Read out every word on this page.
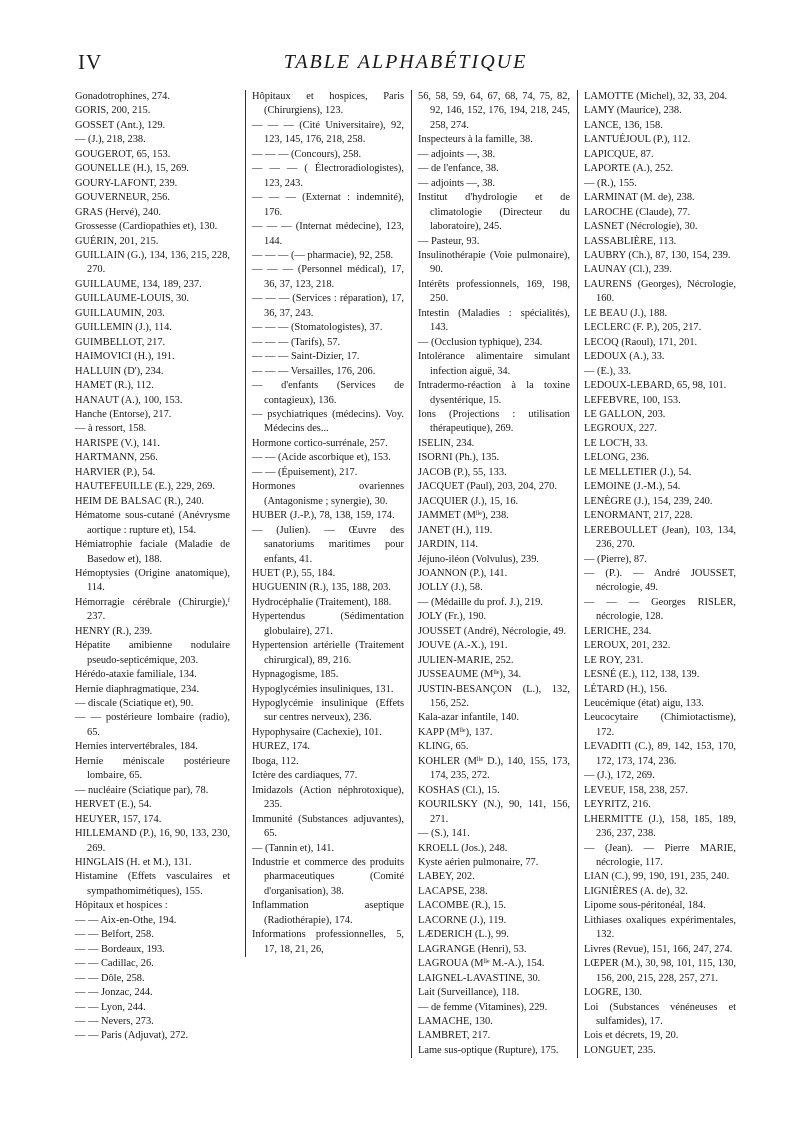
IV	TABLE ALPHABÉTIQUE
Gonadotrophines, 274.
GORIS, 200, 215.
GOSSET (Ant.), 129.
— (J.), 218, 238.
GOUGEROT, 65, 153.
GOUNELLE (H.), 15, 269.
GOURY-LAFONT, 239.
GOUVERNEUR, 256.
GRAS (Hervé), 240.
Grossesse (Cardiopathies et), 130.
GUÉRIN, 201, 215.
GUILLAIN (G.), 134, 136, 215, 228, 270.
GUILLAUME, 134, 189, 237.
GUILLAUME-LOUIS, 30.
GUILLAUMIN, 203.
GUILLEMIN (J.), 114.
GUIMBELLOT, 217.
HAIMOVICI (H.), 191.
HALLUIN (D'), 234.
HAMET (R.), 112.
HANAUT (A.), 100, 153.
Hanche (Entorse), 217.
— à ressort, 158.
HARISPE (V.), 141.
HARTMANN, 256.
HARVIER (P.), 54.
HAUTEFEUILLE (E.), 229, 269.
HEIM DE BALSAC (R.), 240.
Hématome sous-cutané (Anévrysme aortique : rupture et), 154.
Hémiatrophie faciale (Maladie de Basedow et), 188.
Hémoptysies (Origine anatomique), 114.
Hémorragie cérébrale (Chirurgie),ᶠ 237.
HENRY (R.), 239.
Hépatite amibienne nodulaire pseudo-septicémique, 203.
Hérédo-ataxie familiale, 134.
Hernie diaphragmatique, 234.
— discale (Sciatique et), 90.
— — postérieure lombaire (radio), 65.
Hernies intervertébrales, 184.
Hernie méniscale postérieure lombaire, 65.
— nucléaire (Sciatique par), 78.
HERVET (E.), 54.
HEUYER, 157, 174.
HILLEMAND (P.), 16, 90, 133, 230, 269.
HINGLAIS (H. et M.), 131.
Histamine (Effets vasculaires et sympathomimétiques), 155.
Hôpitaux et hospices :
— — Aix-en-Othe, 194.
— — Belfort, 258.
— — Bordeaux, 193.
— — Cadillac, 26.
— — Dôle, 258.
— — Jonzac, 244.
— — Lyon, 244.
— — Nevers, 273.
— — Paris (Adjuvat), 272.
Hôpitaux et hospices, Paris (Chirurgiens), 123.
— — — (Cité Universitaire), 92, 123, 145, 176, 218, 258.
— — — (Concours), 258.
— — — ( Électroradiologistes), 123, 243.
— — — (Externat : indemnité), 176.
— — — (Internat médecine), 123, 144.
— — — (— pharmacie), 92, 258.
— — — (Personnel médical), 17, 36, 37, 123, 218.
— — — (Services : réparation), 17, 36, 37, 243.
— — — (Stomatologistes), 37.
— — — (Tarifs), 57.
— — — Saint-Dizier, 17.
— — — Versailles, 176, 206.
— d'enfants (Services de contagieux), 136.
— psychiatriques (médecins). Voy. Médecins des...
Hormone cortico-surrénale, 257.
— — (Acide ascorbique et), 153.
— — (Épuisement), 217.
Hormones ovariennes (Antagonisme ; synergie), 30.
HUBER (J.-P.), 78, 138, 159, 174.
— (Julien). — Œuvre des sanatoriums maritimes pour enfants, 41.
HUET (P.), 55, 184.
HUGUENIN (R.), 135, 188, 203.
Hydrocéphalie (Traitement), 188.
Hypertendus (Sédimentation globulaire), 271.
Hypertension artérielle (Traitement chirurgical), 89, 216.
Hypnagogisme, 185.
Hypoglycémies insuliniques, 131.
Hypoglycémie insulinique (Effets sur centres nerveux), 236.
Hypophysaire (Cachexie), 101.
HUREZ, 174.
Iboga, 112.
Ictère des cardiaques, 77.
Imidazols (Action néphrotoxique), 235.
Immunité (Substances adjuvantes), 65.
— (Tannin et), 141.
Industrie et commerce des produits pharmaceutiques (Comité d'organisation), 38.
Inflammation aseptique (Radiothérapie), 174.
Informations professionnelles, 5, 17, 18, 21, 26,
56, 58, 59, 64, 67, 68, 74, 75, 82, 92, 146, 152, 176, 194, 218, 245, 258, 274.
Inspecteurs à la famille, 38.
— adjoints —, 38.
— de l'enfance, 38.
— adjoints —, 38.
Institut d'hydrologie et de climatologie (Directeur du laboratoire), 245.
— Pasteur, 93.
Insulinothérapie (Voie pulmonaire), 90.
Intérêts professionnels, 169, 198, 250.
Intestin (Maladies : spécialités), 143.
— (Occlusion typhique), 234.
Intolérance alimentaire simulant infection aiguë, 34.
Intradermo-réaction à la toxine dysentérique, 15.
Ions (Projections : utilisation thérapeutique), 269.
ISELIN, 234.
ISORNI (Ph.), 135.
JACOB (P.), 55, 133.
JACQUET (Paul), 203, 204, 270.
JACQUIER (J.), 15, 16.
JAMMET (Mˡˡᵉ), 238.
JANET (H.), 119.
JARDIN, 114.
Jéjuno-iléon (Volvulus), 239.
JOANNON (P.), 141.
JOLLY (J.), 58.
— (Médaille du prof. J.), 219.
JOLY (Fr.), 190.
JOUSSET (André), Nécrologie, 49.
JOUVE (A.-X.), 191.
JULIEN-MARIE, 252.
JUSSEAUME (Mˡˡᵉ), 34.
JUSTIN-BESANÇON (L.), 132, 156, 252.
Kala-azar infantile, 140.
KAPP (Mˡˡᵉ), 137.
KLING, 65.
KOHLER (Mˡˡᵉ D.), 140, 155, 173, 174, 235, 272.
KOSHAS (Cl.), 15.
KOURILSKY (N.), 90, 141, 156, 271.
— (S.), 141.
KROELL (Jos.), 248.
Kyste aérien pulmonaire, 77.
LABEY, 202.
LACAPSE, 238.
LACOMBE (R.), 15.
LACORNE (J.), 119.
LÆDERICH (L.), 99.
LAGRANGE (Henri), 53.
LAGROUA (Mˡˡᵉ M.-A.), 154.
LAIGNEL-LAVASTINE, 30.
Lait (Surveillance), 118.
— de femme (Vitamines), 229.
LAMACHE, 130.
LAMBRET, 217.
Lame sus-optique (Rupture), 175.
LAMOTTE (Michel), 32, 33, 204.
LAMY (Maurice), 238.
LANCE, 136, 158.
LANTUÉJOUL (P.), 112.
LAPICQUE, 87.
LAPORTE (A.), 252.
— (R.), 155.
LARMINAT (M. de), 238.
LAROCHE (Claude), 77.
LASNET (Nécrologie), 30.
LASSABLIÈRE, 113.
LAUBRY (Ch.), 87, 130, 154, 239.
LAUNAY (Cl.), 239.
LAURENS (Georges), Nécrologie, 160.
LE BEAU (J.), 188.
LECLERC (F. P.), 205, 217.
LECOQ (Raoul), 171, 201.
LEDOUX (A.), 33.
— (E.), 33.
LEDOUX-LEBARD, 65, 98, 101.
LEFEBVRE, 100, 153.
LE GALLON, 203.
LEGROUX, 227.
LE LOC'H, 33.
LELONG, 236.
LE MELLETIER (J.), 54.
LEMOINE (J.-M.), 54.
LENÈGRE (J.), 154, 239, 240.
LENORMANT, 217, 228.
LEREBOULLET (Jean), 103, 134, 236, 270.
— (Pierre), 87.
— (P.). — André JOUSSET, nécrologie, 49.
— — — Georges RISLER, nécrologie, 128.
LERICHE, 234.
LEROUX, 201, 232.
LE ROY, 231.
LESNÉ (E.), 112, 138, 139.
LÉTARD (H.), 156.
Leucémique (état) aigu, 133.
Leucocytaire (Chimiotactisme), 172.
LEVADITI (C.), 89, 142, 153, 170, 172, 173, 174, 236.
— (J.), 172, 269.
LEVEUF, 158, 238, 257.
LEYRITZ, 216.
LHERMITTE (J.), 158, 185, 189, 236, 237, 238.
— (Jean). — Pierre MARIE, nécrologie, 117.
LIAN (C.), 99, 190, 191, 235, 240.
LIGNIÈRES (A. de), 32.
Lipome sous-péritonéal, 184.
Lithiases oxaliques expérimentales, 132.
Livres (Revue), 151, 166, 247, 274.
LŒPER (M.), 30, 98, 101, 115, 130, 156, 200, 215, 228, 257, 271.
LOGRE, 130.
Loi (Substances vénéneuses et sulfamides), 17.
Lois et décrets, 19, 20.
LONGUET, 235.
